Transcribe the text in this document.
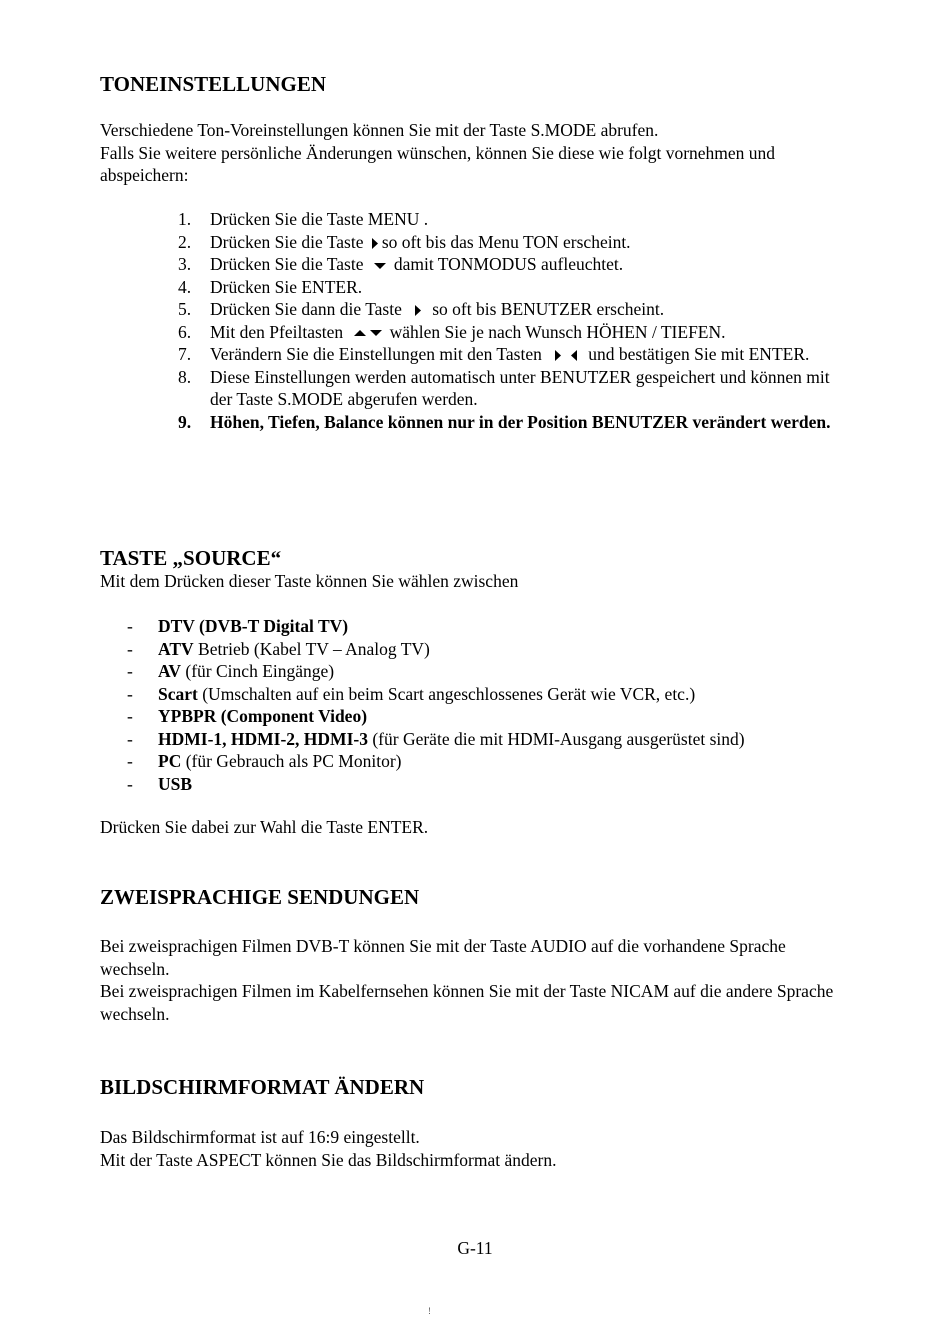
TONEINSTELLUNGEN

Verschiedene Ton-Voreinstellungen können Sie mit der Taste S.MODE abrufen.

Falls Sie weitere persönliche Änderungen wünschen, können Sie diese wie folgt vornehmen und abspeichern:

1.	Drücken Sie die Taste MENU .
2.	Drücken Sie die Taste so oft bis das Menu TON erscheint.
3.	Drücken Sie die Taste damit TONMODUS aufleuchtet.
4.	Drücken Sie ENTER.
5.	Drücken Sie dann die Taste so oft bis BENUTZER erscheint.
6.	Mit den Pfeiltasten	wählen Sie je nach Wunsch HÖHEN / TIEFEN.
7.	Verändern Sie die Einstellungen mit den Tasten	und bestätigen Sie mit ENTER.
8.	Diese Einstellungen werden automatisch unter BENUTZER gespeichert und können mit der Taste S.MODE abgerufen werden.
9.	Höhen, Tiefen, Balance können nur in der Position BENUTZER verändert werden.
TASTE „SOURCE“

Mit dem Drücken dieser Taste können Sie wählen zwischen

-	DTV (DVB-T Digital TV)
-	ATV Betrieb (Kabel TV – Analog TV)
-	AV (für Cinch Eingänge)
-	Scart (Umschalten auf ein beim Scart angeschlossenes Gerät wie VCR, etc.)
-	YPBPR (Component Video)
-	HDMI-1, HDMI-2, HDMI-3 (für Geräte die mit HDMI-Ausgang ausgerüstet sind)
-	PC (für Gebrauch als PC Monitor)
-	USB

Drücken Sie dabei zur Wahl die Taste ENTER.

ZWEISPRACHIGE SENDUNGEN

Bei zweisprachigen Filmen DVB-T können Sie mit der Taste AUDIO auf die vorhandene Sprache wechseln.

Bei zweisprachigen Filmen im Kabelfernsehen können Sie mit der Taste NICAM auf die andere Sprache wechseln.

BILDSCHIRMFORMAT ÄNDERN

Das Bildschirmformat ist auf 16:9 eingestellt.

Mit der Taste ASPECT können Sie das Bildschirmformat ändern.

G-11
!
